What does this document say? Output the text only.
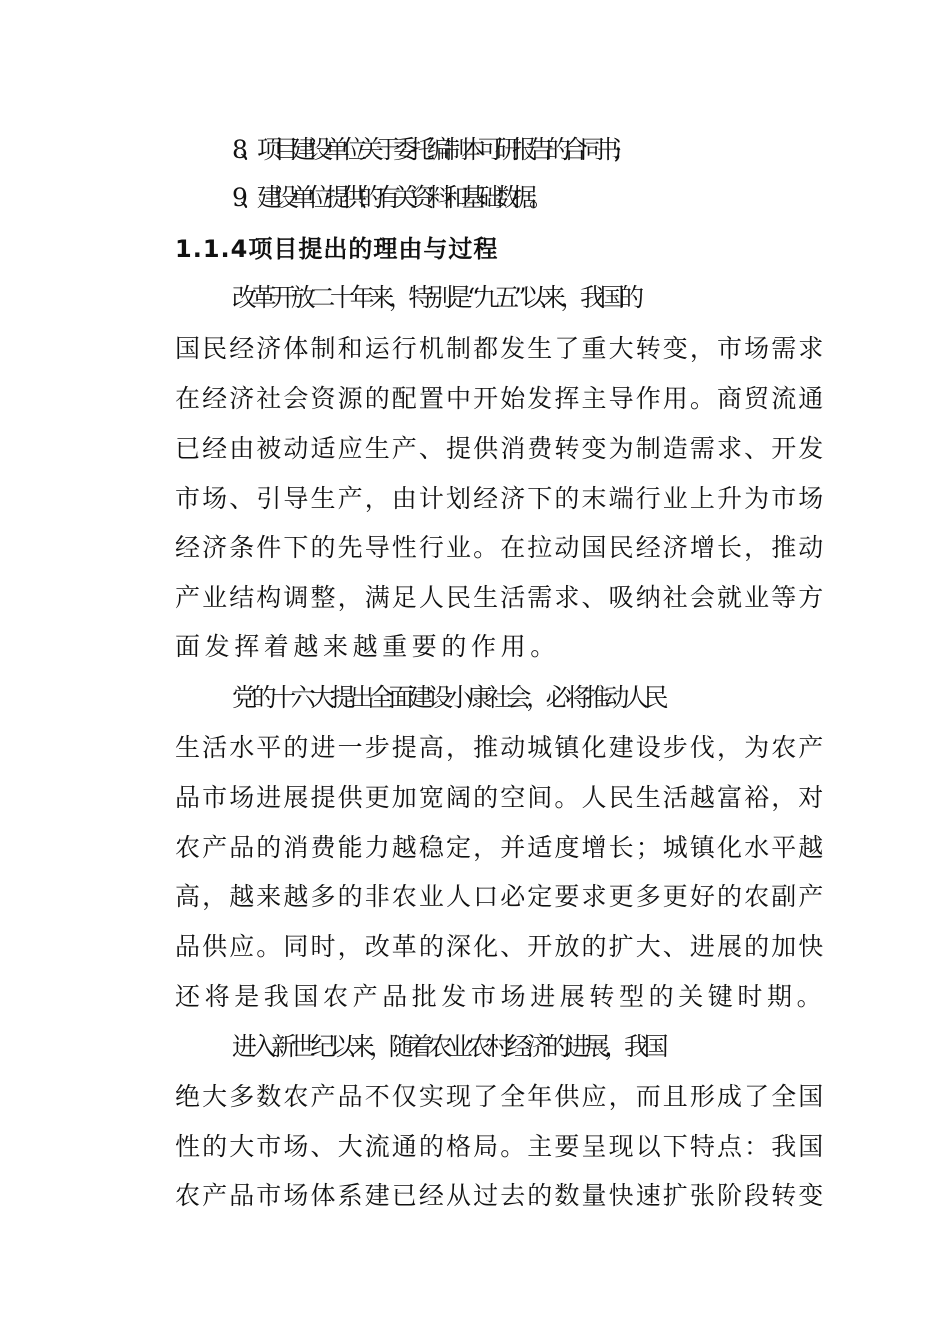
8、项目建设单位关于委托编制本可研报告的合同书;
9、建设单位提供的有关资料和基础数据。
1.1.4项目提出的理由与过程
改革开放二十年来，特别是“九五”以来，我国的
国民经济体制和运行机制都发生了重大转变，市场需求
在经济社会资源的配置中开始发挥主导作用。商贸流通
已经由被动适应生产、提供消费转变为制造需求、开发
市场、引导生产，由计划经济下的末端行业上升为市场
经济条件下的先导性行业。在拉动国民经济增长，推动
产业结构调整，满足人民生活需求、吸纳社会就业等方
面发挥着越来越重要的作用。
党的十六大提出全面建设小康社会，必将推动人民
生活水平的进一步提高，推动城镇化建设步伐，为农产
品市场进展提供更加宽阔的空间。人民生活越富裕，对
农产品的消费能力越稳定，并适度增长；城镇化水平越
高，越来越多的非农业人口必定要求更多更好的农副产
品供应。同时，改革的深化、开放的扩大、进展的加快
还将是我国农产品批发市场进展转型的关键时期。
进入新世纪以来，随着农业农村经济的进展，我国
绝大多数农产品不仅实现了全年供应，而且形成了全国
性的大市场、大流通的格局。主要呈现以下特点：我国
农产品市场体系建已经从过去的数量快速扩张阶段转变
